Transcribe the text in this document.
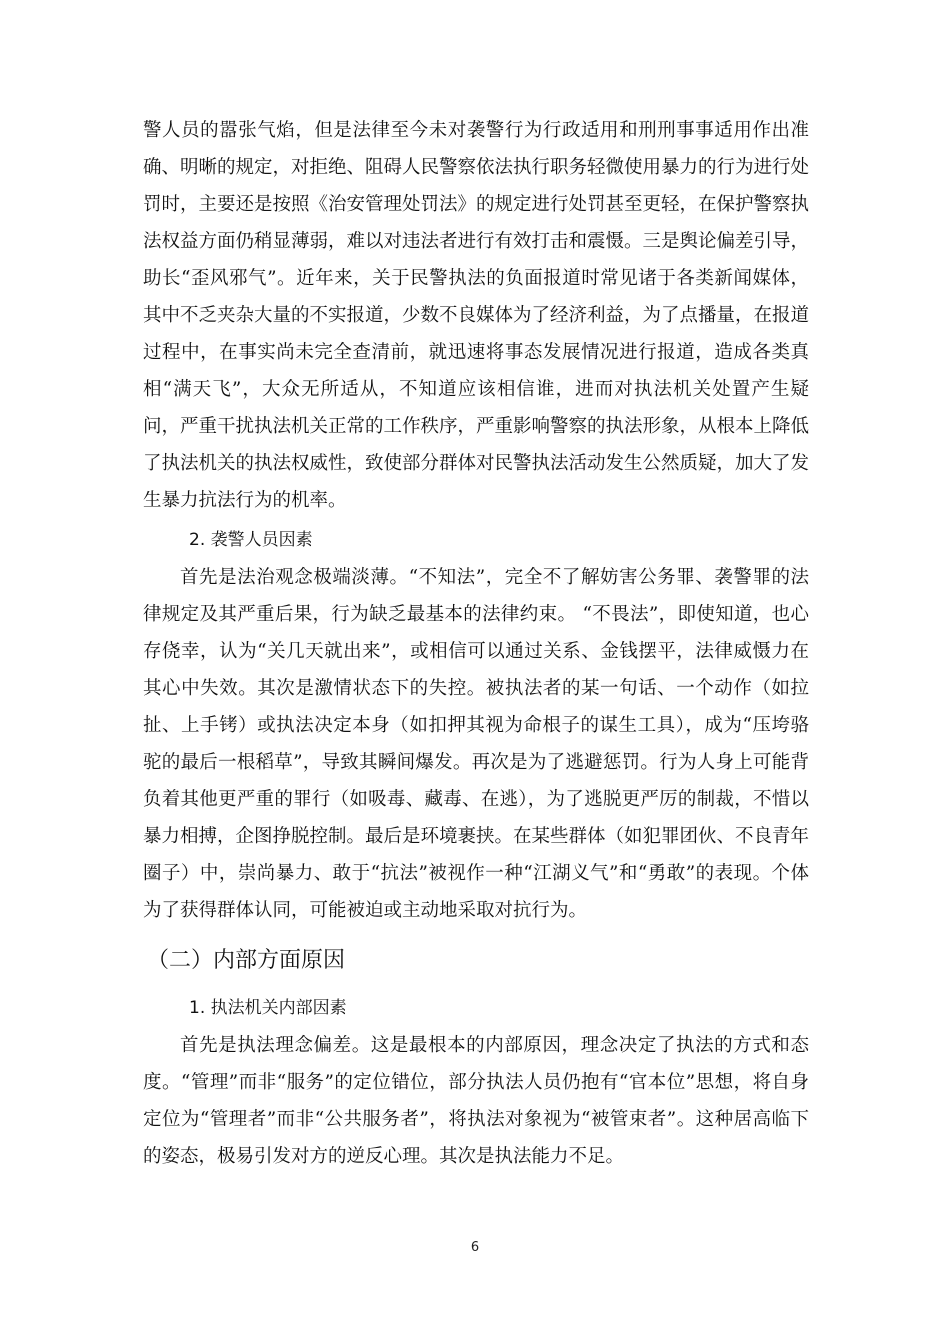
警人员的嚣张气焰，但是法律至今未对袭警行为行政适用和刑刑事事适用作出准确、明晰的规定，对拒绝、阻碍人民警察依法执行职务轻微使用暴力的行为进行处罚时，主要还是按照《治安管理处罚法》的规定进行处罚甚至更轻，在保护警察执法权益方面仍稍显薄弱，难以对违法者进行有效打击和震慑。三是舆论偏差引导，助长“歪风邪气”。近年来，关于民警执法的负面报道时常见诸于各类新闻媒体，其中不乏夹杂大量的不实报道，少数不良媒体为了经济利益，为了点播量，在报道过程中，在事实尚未完全查清前，就迅速将事态发展情况进行报道，造成各类真相“满天飞”，大众无所适从，不知道应该相信谁，进而对执法机关处置产生疑问，严重干扰执法机关正常的工作秩序，严重影响警察的执法形象，从根本上降低了执法机关的执法权威性，致使部分群体对民警执法活动发生公然质疑，加大了发生暴力抗法行为的机率。

2. 袭警人员因素

首先是法治观念极端淡薄。“不知法”，完全不了解妨害公务罪、袭警罪的法律规定及其严重后果，行为缺乏最基本的法律约束。 “不畏法”，即使知道，也心存侥幸，认为“关几天就出来”，或相信可以通过关系、金钱摆平，法律威慑力在其心中失效。其次是激情状态下的失控。被执法者的某一句话、一个动作（如拉扯、上手铐）或执法决定本身（如扣押其视为命根子的谋生工具），成为“压垮骆驼的最后一根稻草”，导致其瞬间爆发。再次是为了逃避惩罚。行为人身上可能背负着其他更严重的罪行（如吸毒、藏毒、在逃），为了逃脱更严厉的制裁，不惜以暴力相搏，企图挣脱控制。最后是环境裹挟。在某些群体（如犯罪团伙、不良青年圈子）中，崇尚暴力、敢于“抗法”被视作一种“江湖义气”和“勇敢”的表现。个体为了获得群体认同，可能被迫或主动地采取对抗行为。

（二）内部方面原因
1. 执法机关内部因素

首先是执法理念偏差。这是最根本的内部原因，理念决定了执法的方式和态度。“管理”而非“服务”的定位错位，部分执法人员仍抱有“官本位”思想，将自身定位为“管理者”而非“公共服务者”，将执法对象视为“被管束者”。这种居高临下的姿态，极易引发对方的逆反心理。其次是执法能力不足。

6
